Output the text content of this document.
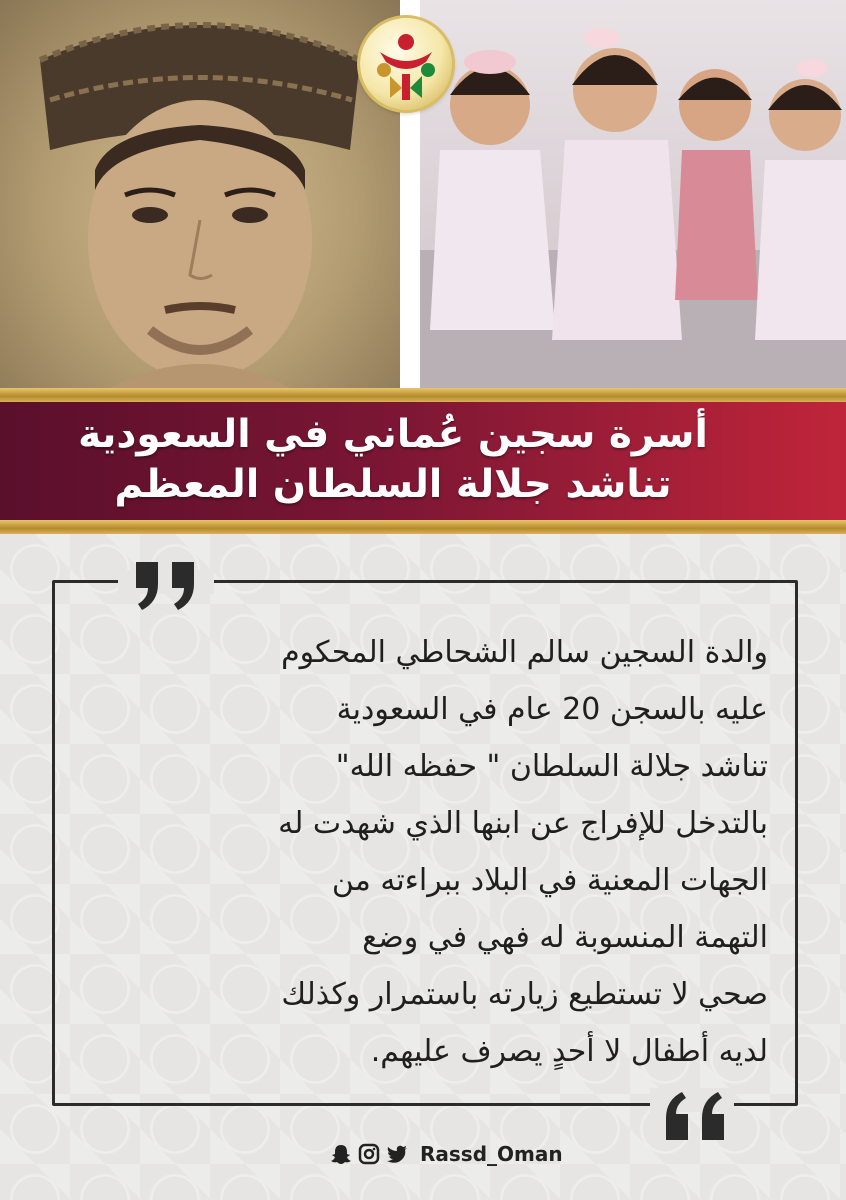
أسرة سجين عُماني في السعودية
تناشد جلالة السلطان المعظم
والدة السجين سالم الشحاطي المحكوم
عليه بالسجن 20 عام في السعودية
تناشد جلالة السلطان " حفظه الله"
بالتدخل للإفراج عن ابنها الذي شهدت له
الجهات المعنية في البلاد ببراءته من
التهمة المنسوبة له فهي في وضع
صحي لا تستطيع زيارته باستمرار وكذلك
لديه أطفال لا أحدٍ يصرف عليهم.
Rassd_Oman
